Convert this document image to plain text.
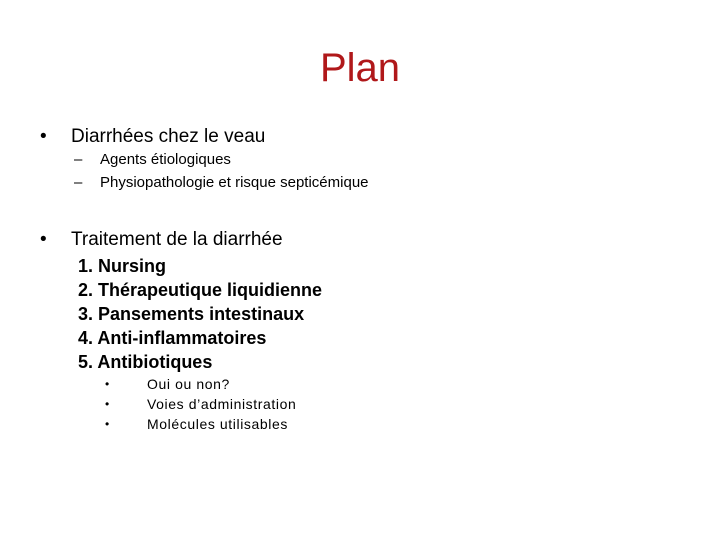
Plan
• Diarrhées chez le veau
– Agents étiologiques
– Physiopathologie et risque septicémique
• Traitement de la diarrhée
1. Nursing
2. Thérapeutique liquidienne
3. Pansements intestinaux
4. Anti-inflammatoires
5. Antibiotiques
•	Oui ou non?
•	Voies d’administration
•	Molécules utilisables
